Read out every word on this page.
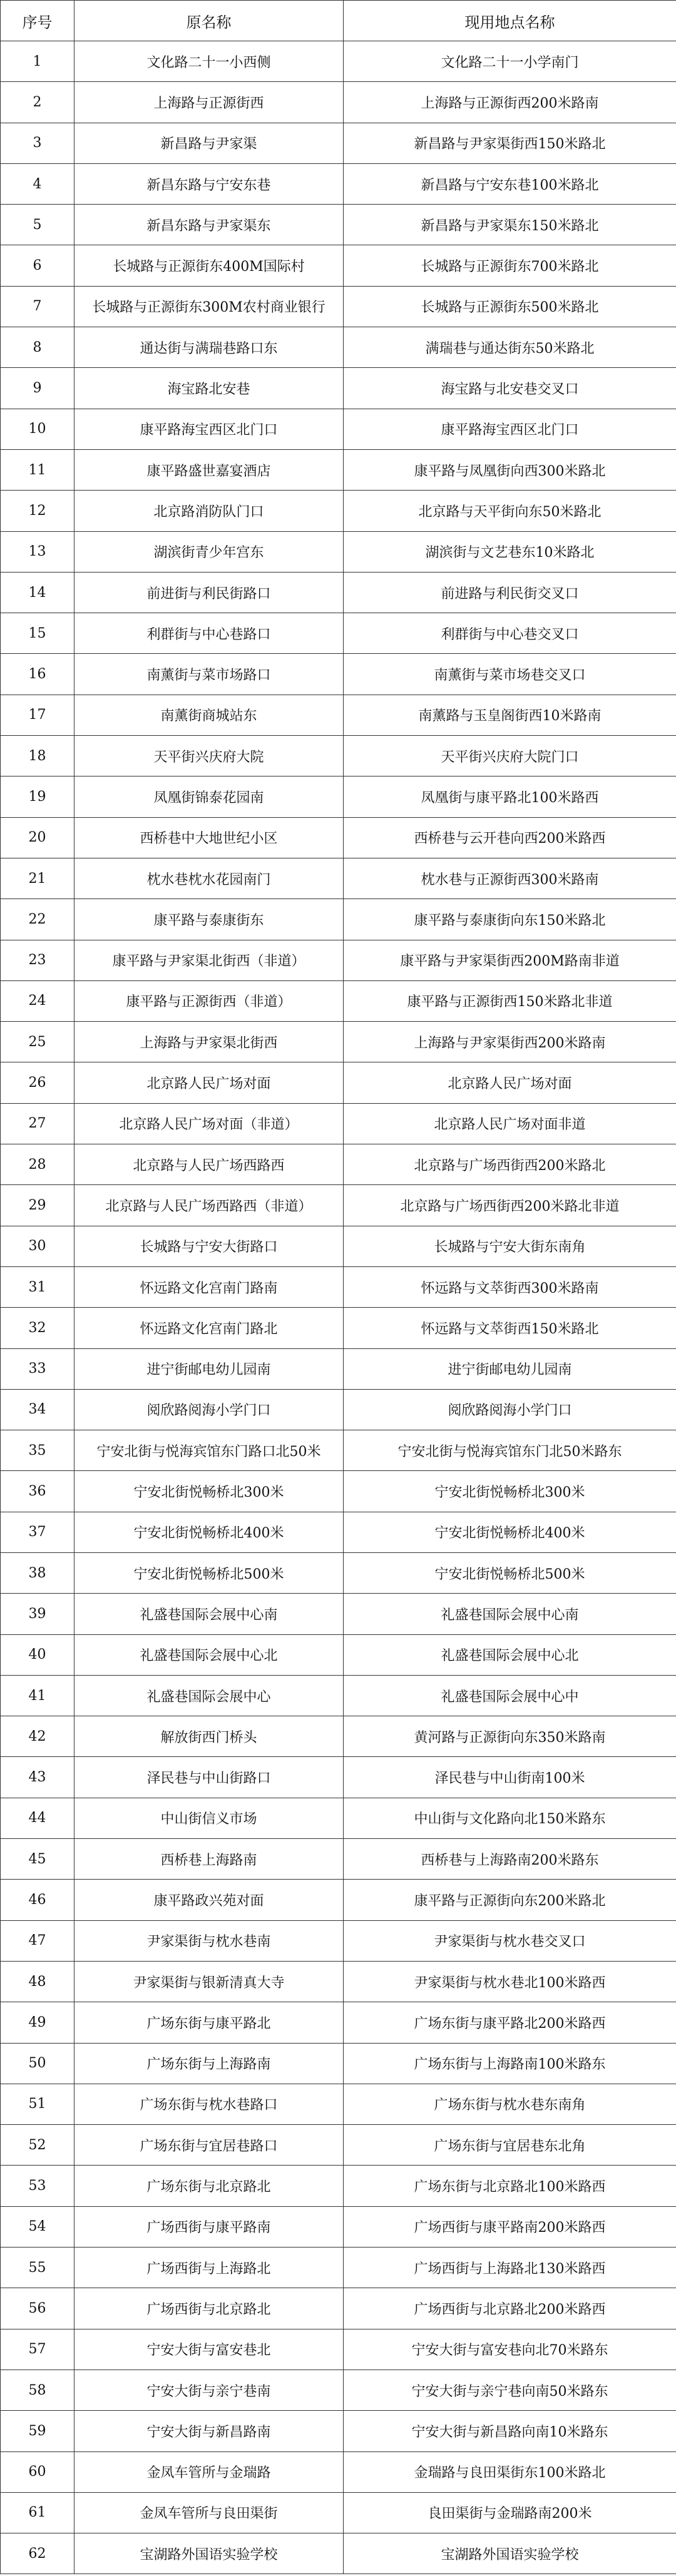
序号	原名称	现用地点名称
1	文化路二十一小西侧	文化路二十一小学南门
2	上海路与正源街西	上海路与正源街西200米路南
3	新昌路与尹家渠	新昌路与尹家渠街西150米路北
4	新昌东路与宁安东巷	新昌路与宁安东巷100米路北
5	新昌东路与尹家渠东	新昌路与尹家渠东150米路北
6	长城路与正源街东400M国际村	长城路与正源街东700米路北
7	长城路与正源街东300M农村商业银行	长城路与正源街东500米路北
8	通达街与满瑞巷路口东	满瑞巷与通达街东50米路北
9	海宝路北安巷	海宝路与北安巷交叉口
10	康平路海宝西区北门口	康平路海宝西区北门口
11	康平路盛世嘉宴酒店	康平路与凤凰街向西300米路北
12	北京路消防队门口	北京路与天平街向东50米路北
13	湖滨街青少年宫东	湖滨街与文艺巷东10米路北
14	前进街与利民街路口	前进路与利民街交叉口
15	利群街与中心巷路口	利群街与中心巷交叉口
16	南薰街与菜市场路口	南薰街与菜市场巷交叉口
17	南薰街商城站东	南薰路与玉皇阁街西10米路南
18	天平街兴庆府大院	天平街兴庆府大院门口
19	凤凰街锦泰花园南	凤凰街与康平路北100米路西
20	西桥巷中大地世纪小区	西桥巷与云开巷向西200米路西
21	枕水巷枕水花园南门	枕水巷与正源街西300米路南
22	康平路与泰康街东	康平路与泰康街向东150米路北
23	康平路与尹家渠北街西（非道）	康平路与尹家渠街西200M路南非道
24	康平路与正源街西（非道）	康平路与正源街西150米路北非道
25	上海路与尹家渠北街西	上海路与尹家渠街西200米路南
26	北京路人民广场对面	北京路人民广场对面
27	北京路人民广场对面（非道）	北京路人民广场对面非道
28	北京路与人民广场西路西	北京路与广场西街西200米路北
29	北京路与人民广场西路西（非道）	北京路与广场西街西200米路北非道
30	长城路与宁安大街路口	长城路与宁安大街东南角
31	怀远路文化宫南门路南	怀远路与文萃街西300米路南
32	怀远路文化宫南门路北	怀远路与文萃街西150米路北
33	进宁街邮电幼儿园南	进宁街邮电幼儿园南
34	阅欣路阅海小学门口	阅欣路阅海小学门口
35	宁安北街与悦海宾馆东门路口北50米	宁安北街与悦海宾馆东门北50米路东
36	宁安北街悦畅桥北300米	宁安北街悦畅桥北300米
37	宁安北街悦畅桥北400米	宁安北街悦畅桥北400米
38	宁安北街悦畅桥北500米	宁安北街悦畅桥北500米
39	礼盛巷国际会展中心南	礼盛巷国际会展中心南
40	礼盛巷国际会展中心北	礼盛巷国际会展中心北
41	礼盛巷国际会展中心	礼盛巷国际会展中心中
42	解放街西门桥头	黄河路与正源街向东350米路南
43	泽民巷与中山街路口	泽民巷与中山街南100米
44	中山街信义市场	中山街与文化路向北150米路东
45	西桥巷上海路南	西桥巷与上海路南200米路东
46	康平路政兴苑对面	康平路与正源街向东200米路北
47	尹家渠街与枕水巷南	尹家渠街与枕水巷交叉口
48	尹家渠街与银新清真大寺	尹家渠街与枕水巷北100米路西
49	广场东街与康平路北	广场东街与康平路北200米路西
50	广场东街与上海路南	广场东街与上海路南100米路东
51	广场东街与枕水巷路口	广场东街与枕水巷东南角
52	广场东街与宜居巷路口	广场东街与宜居巷东北角
53	广场东街与北京路北	广场东街与北京路北100米路西
54	广场西街与康平路南	广场西街与康平路南200米路西
55	广场西街与上海路北	广场西街与上海路北130米路西
56	广场西街与北京路北	广场西街与北京路北200米路西
57	宁安大街与富安巷北	宁安大街与富安巷向北70米路东
58	宁安大街与亲宁巷南	宁安大街与亲宁巷向南50米路东
59	宁安大街与新昌路南	宁安大街与新昌路向南10米路东
60	金凤车管所与金瑞路	金瑞路与良田渠街东100米路北
61	金凤车管所与良田渠街	良田渠街与金瑞路南200米
62	宝湖路外国语实验学校	宝湖路外国语实验学校
